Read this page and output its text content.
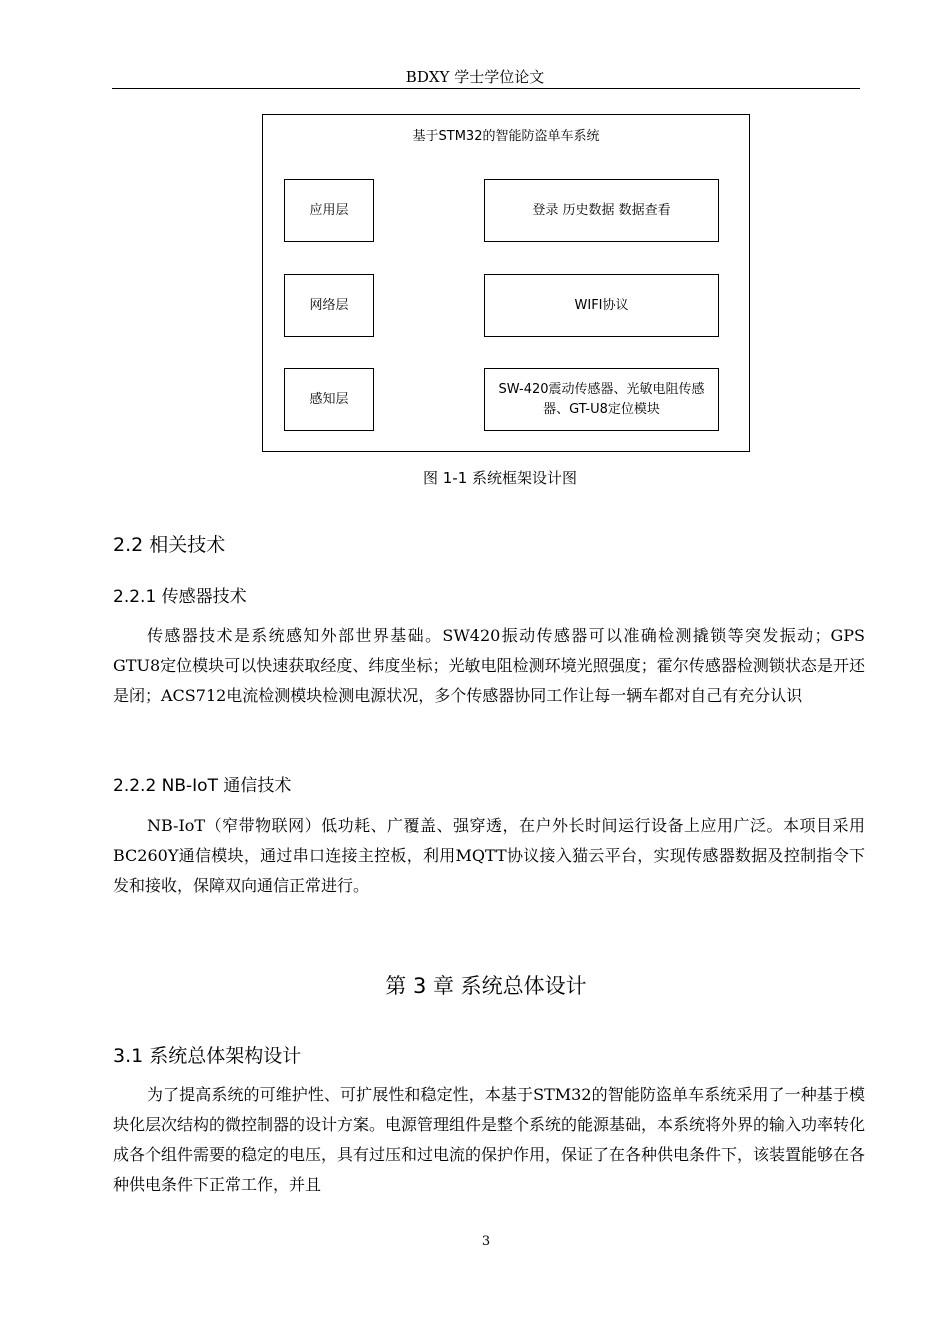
BDXY 学士学位论文
基于STM32的智能防盗单车系统
应用层	登录 历史数据 数据查看
网络层	WIFI协议
感知层
SW-420震动传感器、光敏电阻传感器、GT-U8定位模块
图 1-1 系统框架设计图
2.2 相关技术
2.2.1 传感器技术
传感器技术是系统感知外部世界基础。SW420振动传感器可以准确检测撬锁等突发振动；GPS GTU8定位模块可以快速获取经度、纬度坐标；光敏电阻检测环境光照强度；霍尔传感器检测锁状态是开还是闭；ACS712电流检测模块检测电源状况，多个传感器协同工作让每一辆车都对自己有充分认识
2.2.2 NB-IoT 通信技术
NB-IoT（窄带物联网）低功耗、广覆盖、强穿透，在户外长时间运行设备上应用广泛。本项目采用BC260Y通信模块，通过串口连接主控板，利用MQTT协议接入猫云平台，实现传感器数据及控制指令下发和接收，保障双向通信正常进行。
第 3 章 系统总体设计
3.1 系统总体架构设计
为了提高系统的可维护性、可扩展性和稳定性，本基于STM32的智能防盗单车系统采用了一种基于模块化层次结构的微控制器的设计方案。电源管理组件是整个系统的能源基础，本系统将外界的输入功率转化成各个组件需要的稳定的电压，具有过压和过电流的保护作用，保证了在各种供电条件下，该装置能够在各种供电条件下正常工作，并且
3
